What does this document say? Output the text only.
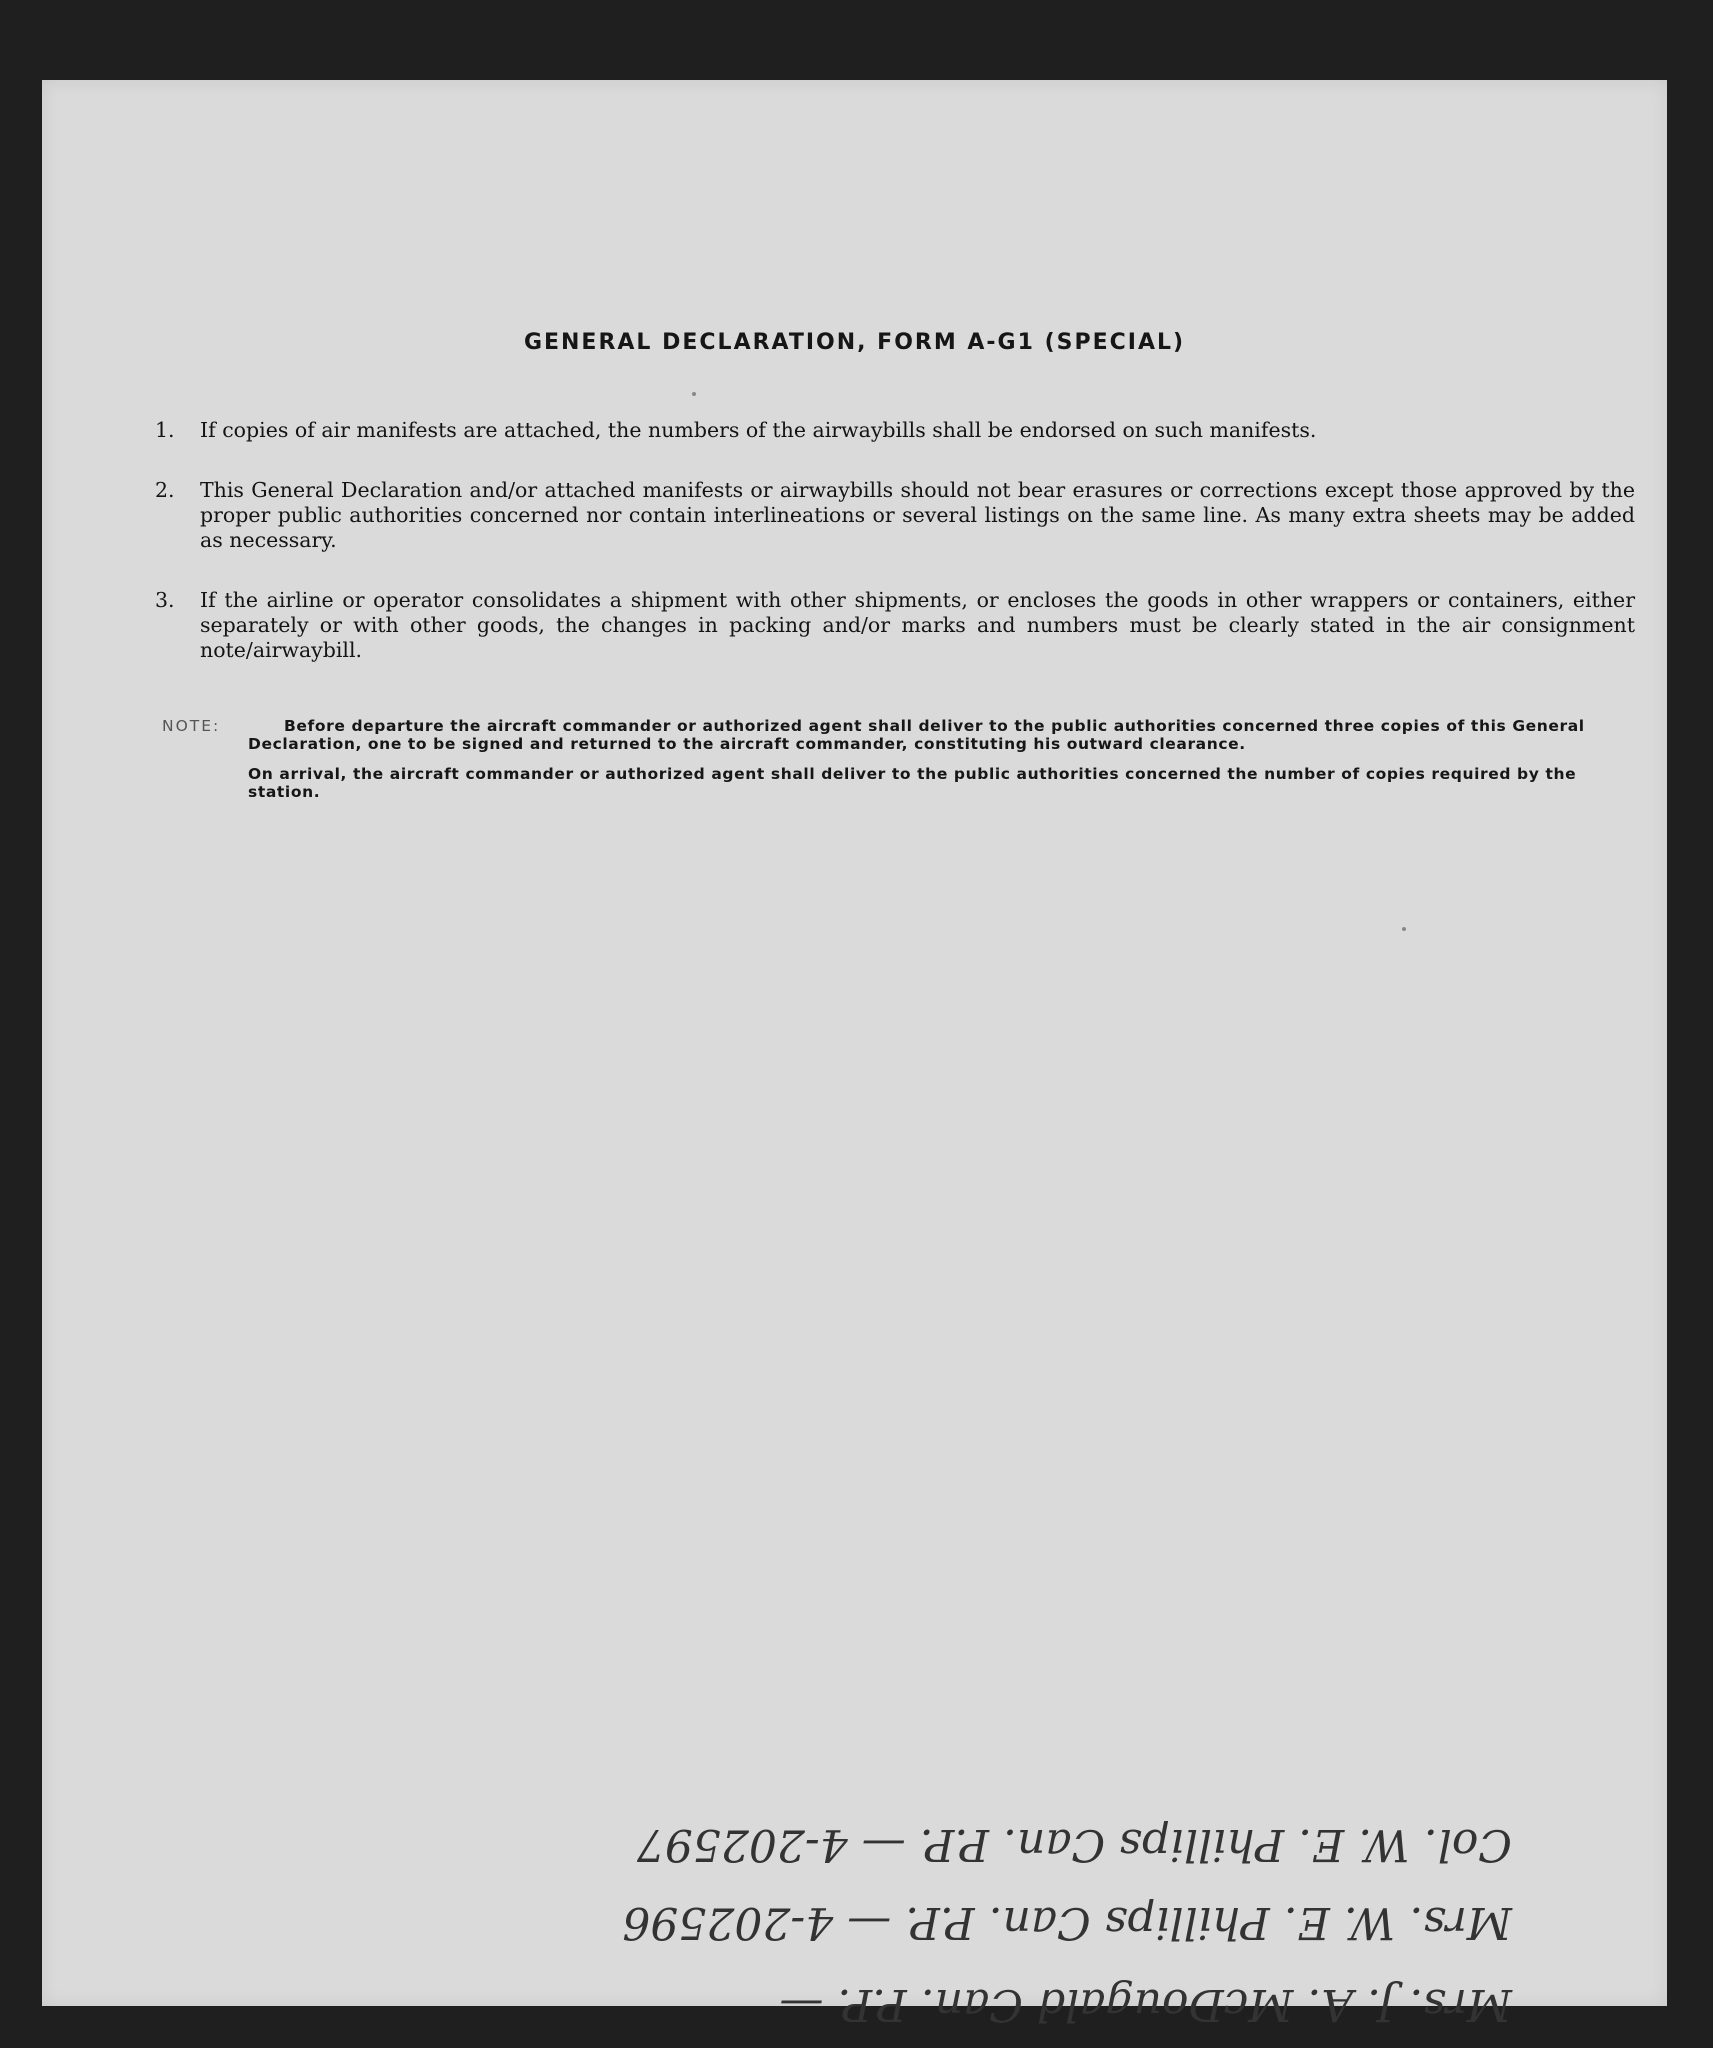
GENERAL DECLARATION, FORM A-G1 (SPECIAL)
1.	If copies of air manifests are attached, the numbers of the airwaybills shall be endorsed on such manifests.
2.	This General Declaration and/or attached manifests or airwaybills should not bear erasures or corrections except those approved by the proper public authorities concerned nor contain interlineations or several listings on the same line. As many extra sheets may be added as necessary.
3.	If the airline or operator consolidates a shipment with other shipments, or encloses the goods in other wrappers or containers, either separately or with other goods, the changes in packing and/or marks and numbers must be clearly stated in the air consignment note/airwaybill.
NOTE:	Before departure the aircraft commander or authorized agent shall deliver to the public authorities concerned three copies of this General Declaration, one to be signed and returned to the aircraft commander, constituting his outward clearance.
On arrival, the aircraft commander or authorized agent shall deliver to the public authorities concerned the number of copies required by the station.
Mrs. J. A. McDougald Can. P.P. —
Mrs. W. E. Phillips Can. P.P. — 4-202596
Col. W. E. Phillips Can. P.P. — 4-202597
